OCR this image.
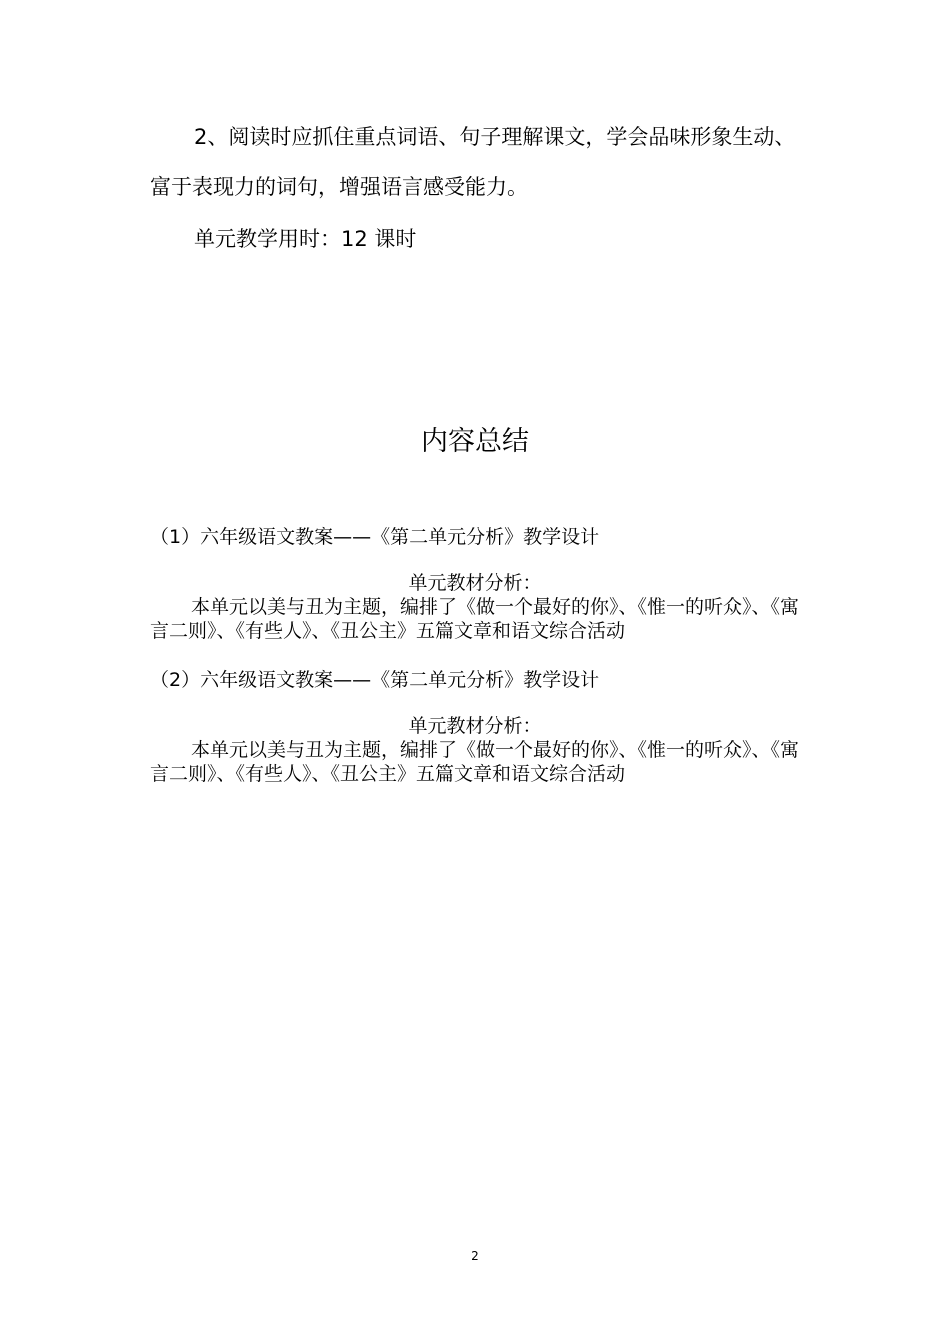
2、阅读时应抓住重点词语、句子理解课文，学会品味形象生动、富于表现力的词句，增强语言感受能力。

单元教学用时：12 课时
内容总结
（1）六年级语文教案——《第二单元分析》教学设计
单元教材分析：

本单元以美与丑为主题，编排了《做一个最好的你》、《惟一的听众》、《寓言二则》、《有些人》、《丑公主》五篇文章和语文综合活动

（2）六年级语文教案——《第二单元分析》教学设计
单元教材分析：

本单元以美与丑为主题，编排了《做一个最好的你》、《惟一的听众》、《寓言二则》、《有些人》、《丑公主》五篇文章和语文综合活动

2
